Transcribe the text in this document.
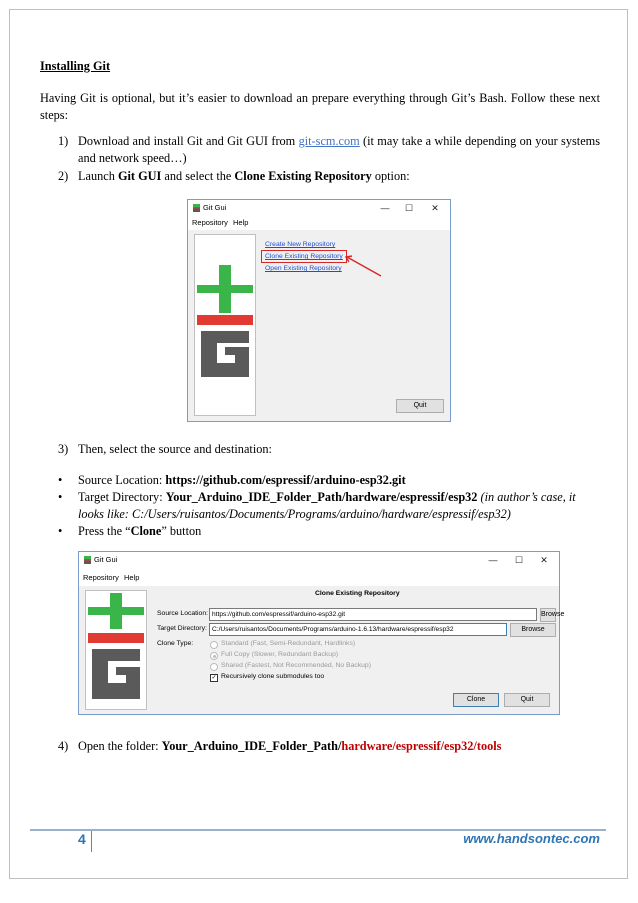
Installing Git
Having Git is optional, but it’s easier to download an prepare everything through Git’s Bash. Follow these next steps:
1) Download and install Git and Git GUI from git-scm.com (it may take a while depending on your systems and network speed…)
2) Launch Git GUI and select the Clone Existing Repository option:
Git Gui	—	☐	✕
Repository Help
Create New Repository
Clone Existing Repository
Open Existing Repository
Quit
3) Then, select the source and destination:
•	Source Location: https://github.com/espressif/arduino-esp32.git
•	Target Directory: Your_Arduino_IDE_Folder_Path/hardware/espressif/esp32 (in author’s case, it looks like: C:/Users/ruisantos/Documents/Programs/arduino/hardware/espressif/esp32)
•	Press the “Clone” button
Git Gui	—	☐	✕
Repository Help
Clone Existing Repository
Source Location: https://github.com/espressif/arduino-esp32.git	Browse
Target Directory: C:/Users/ruisantos/Documents/Programs/arduino-1.6.13/hardware/espressif/esp32	Browse
Clone Type:	Standard (Fast, Semi-Redundant, Hardlinks)
Full Copy (Slower, Redundant Backup)
Shared (Fastest, Not Recommended, No Backup)
✓ Recursively clone submodules too
Clone	Quit
4) Open the folder: Your_Arduino_IDE_Folder_Path/hardware/espressif/esp32/tools
4	www.handsontec.com
